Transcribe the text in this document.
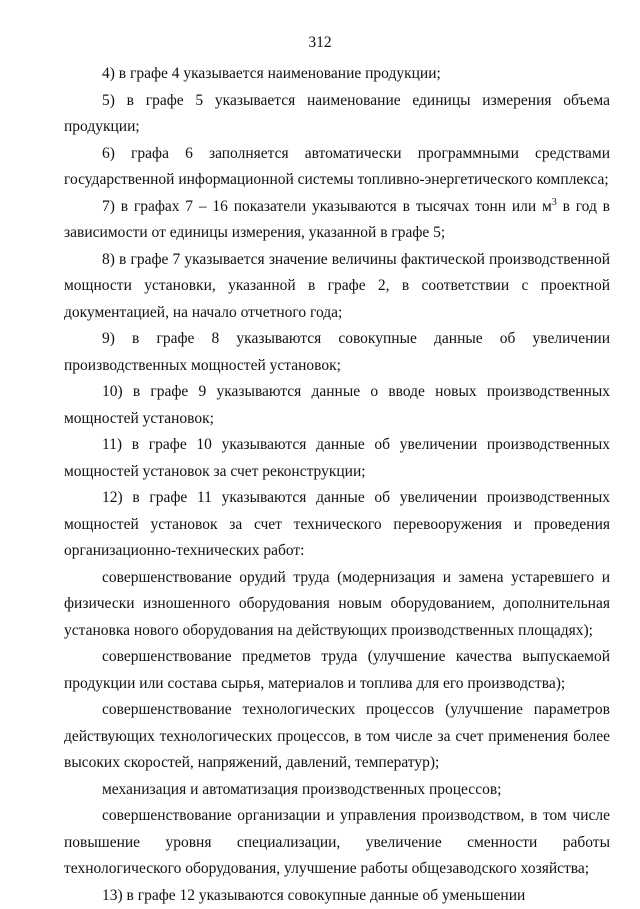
312

4) в графе 4 указывается наименование продукции;

5) в графе 5 указывается наименование единицы измерения объема продукции;

6) графа 6 заполняется автоматически программными средствами государственной информационной системы топливно-энергетического комплекса;

7) в графах 7 – 16 показатели указываются в тысячах тонн или $м^3$ в год в зависимости от единицы измерения, указанной в графе 5;

8) в графе 7 указывается значение величины фактической производственной мощности установки, указанной в графе 2, в соответствии с проектной документацией, на начало отчетного года;

9) в графе 8 указываются совокупные данные об увеличении производственных мощностей установок;

10) в графе 9 указываются данные о вводе новых производственных мощностей установок;

11) в графе 10 указываются данные об увеличении производственных мощностей установок за счет реконструкции;

12) в графе 11 указываются данные об увеличении производственных мощностей установок за счет технического перевооружения и проведения организационно-технических работ:

совершенствование орудий труда (модернизация и замена устаревшего и физически изношенного оборудования новым оборудованием, дополнительная установка нового оборудования на действующих производственных площадях);

совершенствование предметов труда (улучшение качества выпускаемой продукции или состава сырья, материалов и топлива для его производства);

совершенствование технологических процессов (улучшение параметров действующих технологических процессов, в том числе за счет применения более высоких скоростей, напряжений, давлений, температур);

механизация и автоматизация производственных процессов;

совершенствование организации и управления производством, в том числе повышение уровня специализации, увеличение сменности работы технологического оборудования, улучшение работы общезаводского хозяйства;

13) в графе 12 указываются совокупные данные об уменьшении
